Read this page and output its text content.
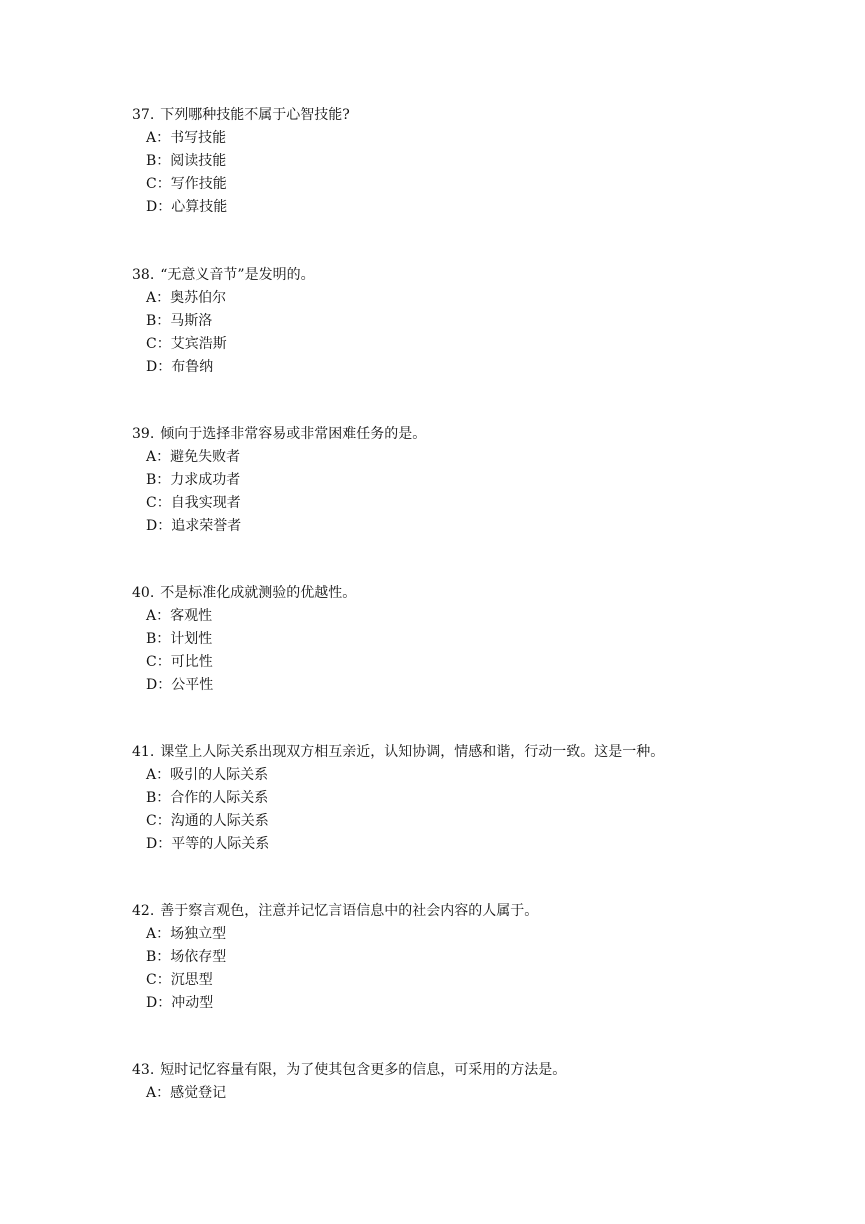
37. 下列哪种技能不属于心智技能?
A：书写技能
B：阅读技能
C：写作技能
D：心算技能
38. “无意义音节”是发明的。
A：奥苏伯尔
B：马斯洛
C：艾宾浩斯
D：布鲁纳
39. 倾向于选择非常容易或非常困难任务的是。
A：避免失败者
B：力求成功者
C：自我实现者
D：追求荣誉者
40. 不是标准化成就测验的优越性。
A：客观性
B：计划性
C：可比性
D：公平性
41. 课堂上人际关系出现双方相互亲近，认知协调，情感和谐，行动一致。这是一种。
A：吸引的人际关系
B：合作的人际关系
C：沟通的人际关系
D：平等的人际关系
42. 善于察言观色，注意并记忆言语信息中的社会内容的人属于。
A：场独立型
B：场依存型
C：沉思型
D：冲动型
43. 短时记忆容量有限，为了使其包含更多的信息，可采用的方法是。
A：感觉登记
